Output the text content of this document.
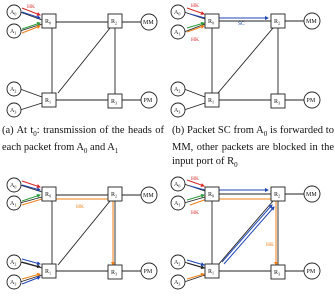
HK
$A_0$
$A_1$
$A_2$
$A_3$
$R_0$	$R_2$
$R_1$	$R_3$
MM
PM
HK
HK
SC
$A_0$
$A_1$
$A_2$
$A_3$
$R_0$	$R_2$
$R_1$	$R_3$
MM
PM
HK
$A_0$
$A_1$
$A_2$
$A_3$
$R_0$	$R_2$
$R_1$	$R_3$
MM
PM
HK
HK
HK
$A_0$
$A_1$
$A_2$
$A_3$
$R_0$	$R_2$
$R_1$	$R_3$
MM
PM
(a) At $t_0$: transmission of the heads of each packet from $A_0$ and $A_1$
(b) Packet SC from $A_0$ is forwarded to MM, other packets are blocked in the input port of $R_0$
